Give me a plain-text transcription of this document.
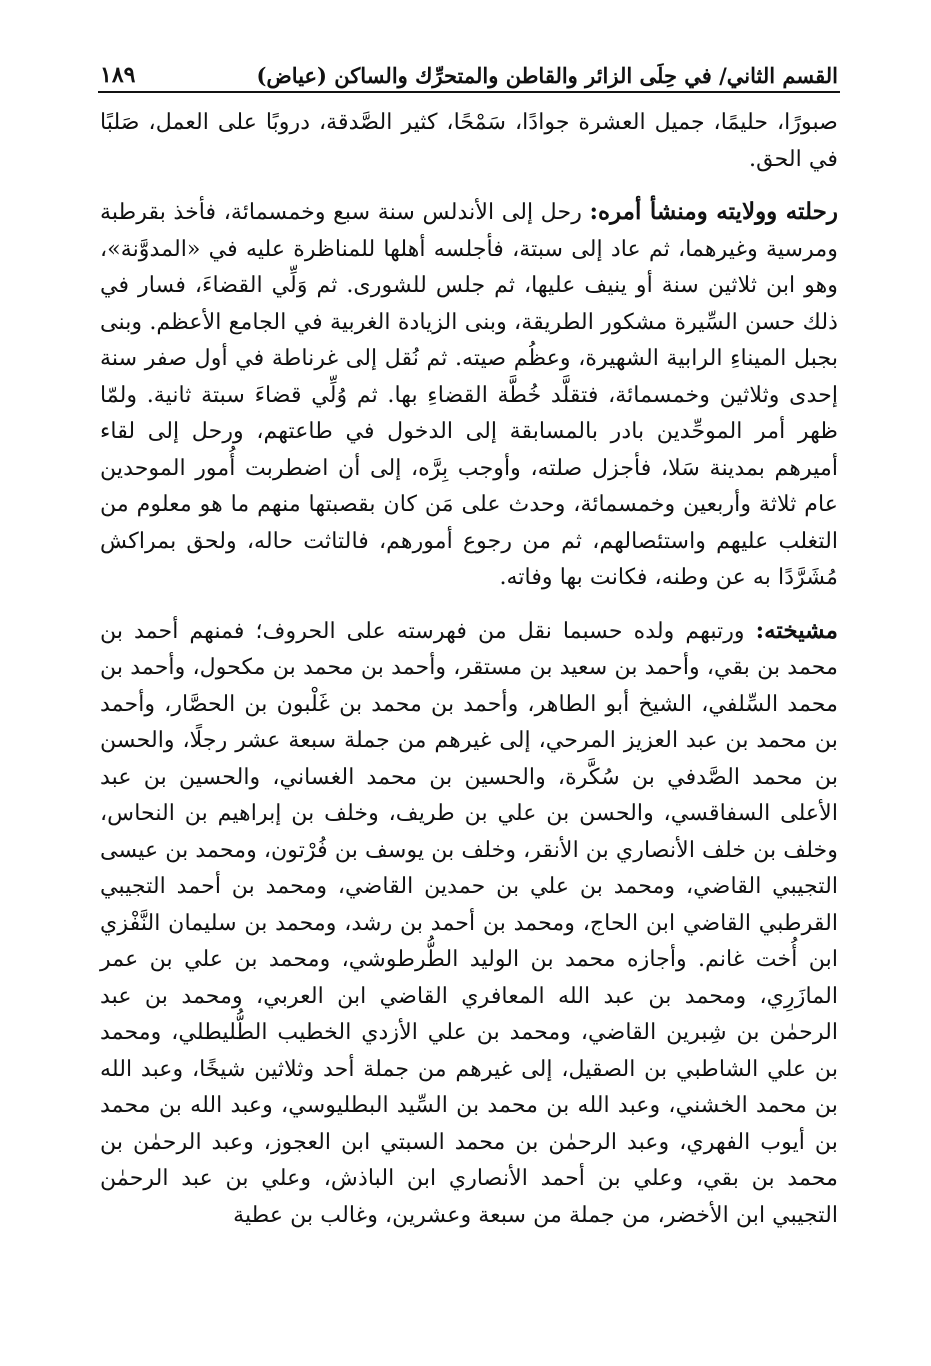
القسم الثاني/ في حِلَى الزائر والقاطن والمتحرِّك والساكن (عياض)
١٨٩

صبورًا، حليمًا، جميل العشرة جوادًا، سَمْحًا، كثير الصَّدقة، دروبًا على العمل، صَلبًا في الحق.

رحلته وولايته ومنشأ أمره: رحل إلى الأندلس سنة سبع وخمسمائة، فأخذ بقرطبة ومرسية وغيرهما، ثم عاد إلى سبتة، فأجلسه أهلها للمناظرة عليه في «المدوَّنة»، وهو ابن ثلاثين سنة أو ينيف عليها، ثم جلس للشورى. ثم وَلِّي القضاءَ، فسار في ذلك حسن السِّيرة مشكور الطريقة، وبنى الزيادة الغربية في الجامع الأعظم. وبنى بجبل الميناءِ الرابية الشهيرة، وعظُم صيته. ثم نُقل إلى غرناطة في أول صفر سنة إحدى وثلاثين وخمسمائة، فتقلَّد خُطَّة القضاءِ بها. ثم وُلِّي قضاءَ سبتة ثانية. ولمّا ظهر أمر الموحِّدين بادر بالمسابقة إلى الدخول في طاعتهم، ورحل إلى لقاء أميرهم بمدينة سَلا، فأجزل صلته، وأوجب بِرَّه، إلى أن اضطربت أُمور الموحدين عام ثلاثة وأربعين وخمسمائة، وحدث على مَن كان بقصبتها منهم ما هو معلوم من التغلب عليهم واستئصالهم، ثم من رجوع أمورهم، فالتاثت حاله، ولحق بمراكش مُشَرَّدًا به عن وطنه، فكانت بها وفاته.

مشيخته: ورتبهم ولده حسبما نقل من فهرسته على الحروف؛ فمنهم أحمد بن محمد بن بقي، وأحمد بن سعيد بن مستقر، وأحمد بن محمد بن مكحول، وأحمد بن محمد السِّلفي، الشيخ أبو الطاهر، وأحمد بن محمد بن غَلْبون بن الحصَّار، وأحمد بن محمد بن عبد العزيز المرحي، إلى غيرهم من جملة سبعة عشر رجلًا، والحسن بن محمد الصَّدفي بن سُكَّرة، والحسين بن محمد الغساني، والحسين بن عبد الأعلى السفاقسي، والحسن بن علي بن طريف، وخلف بن إبراهيم بن النحاس، وخلف بن خلف الأنصاري بن الأنقر، وخلف بن يوسف بن فُرْتون، ومحمد بن عيسى التجيبي القاضي، ومحمد بن علي بن حمدين القاضي، ومحمد بن أحمد التجيبي القرطبي القاضي ابن الحاج، ومحمد بن أحمد بن رشد، ومحمد بن سليمان النَّفْزي ابن أُخت غانم. وأجازه محمد بن الوليد الطُّرطوشي، ومحمد بن علي بن عمر المازَرِي، ومحمد بن عبد الله المعافري القاضي ابن العربي، ومحمد بن عبد الرحمٰن بن شِبرين القاضي، ومحمد بن علي الأزدي الخطيب الطُّليطلي، ومحمد بن علي الشاطبي بن الصقيل، إلى غيرهم من جملة أحد وثلاثين شيخًا، وعبد الله بن محمد الخشني، وعبد الله بن محمد بن السِّيد البطليوسي، وعبد الله بن محمد بن أيوب الفهري، وعبد الرحمٰن بن محمد السبتي ابن العجوز، وعبد الرحمٰن بن محمد بن بقي، وعلي بن أحمد الأنصاري ابن الباذش، وعلي بن عبد الرحمٰن التجيبي ابن الأخضر، من جملة من سبعة وعشرين، وغالب بن عطية
